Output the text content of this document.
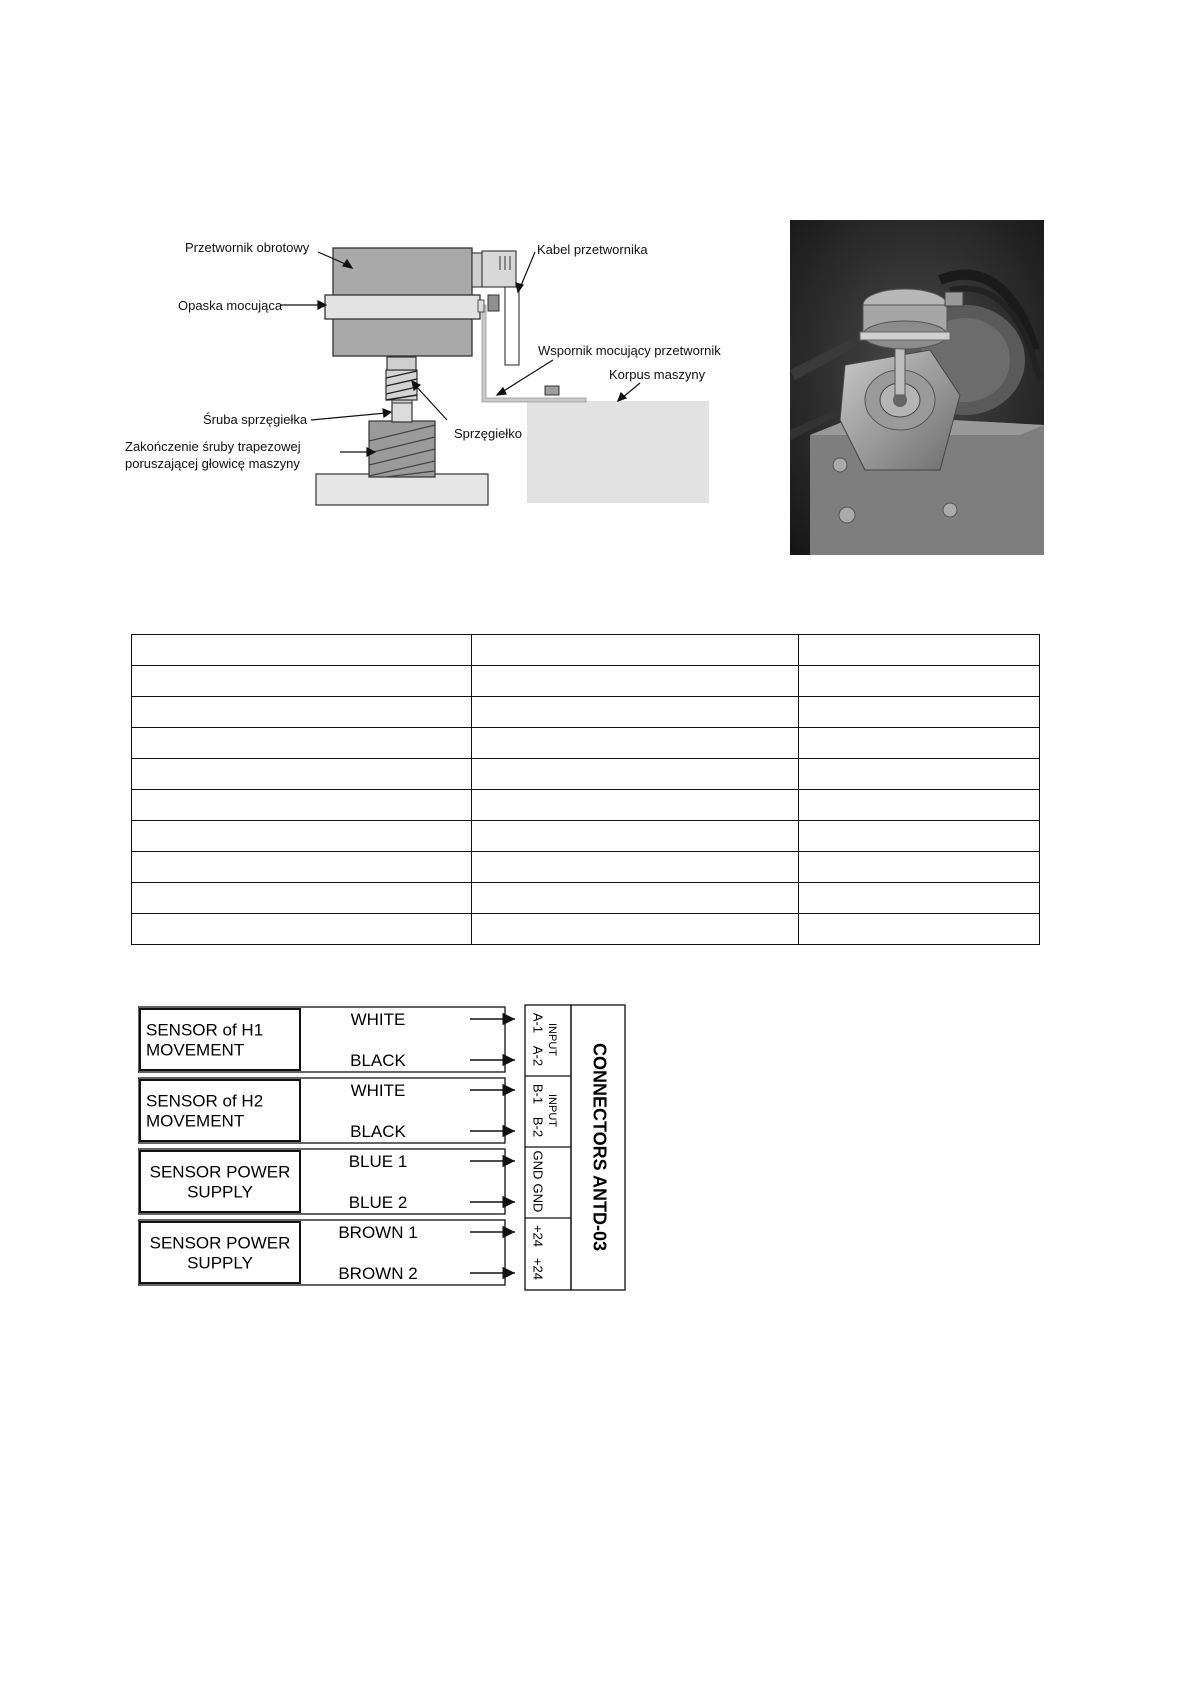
Przetwornik obrotowy
Opaska mocująca
Kabel przetwornika
Wspornik mocujący przetwornik
Korpus maszyny
Śruba sprzęgiełka
Sprzęgiełko
Zakończenie śruby trapezowej
poruszającej głowicę maszyny

SENSOR of H1
MOVEMENT
WHITE
BLACK
A-1
A-2 INPUT
SENSOR of H2
MOVEMENT
WHITE
BLACK
B-1
B-2 INPUT
SENSOR POWER
SUPPLY
BLUE 1
BLUE 2
GND
GND
SENSOR POWER
SUPPLY
BROWN 1
BROWN 2
+24
+24
CONNECTORS ANTD-03
